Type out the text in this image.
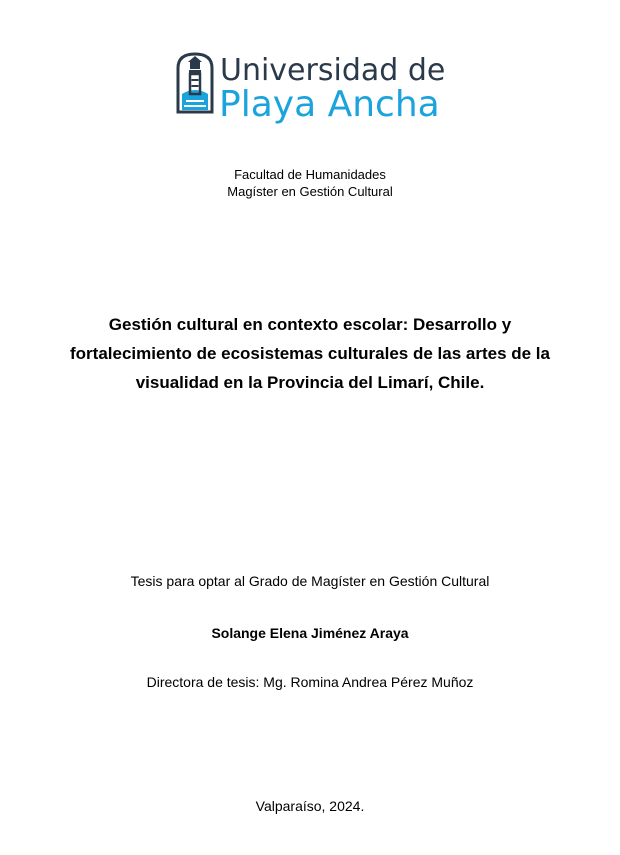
Universidad de
Playa Ancha
Facultad de Humanidades
Magíster en Gestión Cultural
Gestión cultural en contexto escolar: Desarrollo y
fortalecimiento de ecosistemas culturales de las artes de la
visualidad en la Provincia del Limarí, Chile.
Tesis para optar al Grado de Magíster en Gestión Cultural
Solange Elena Jiménez Araya
Directora de tesis: Mg. Romina Andrea Pérez Muñoz
Valparaíso, 2024.
